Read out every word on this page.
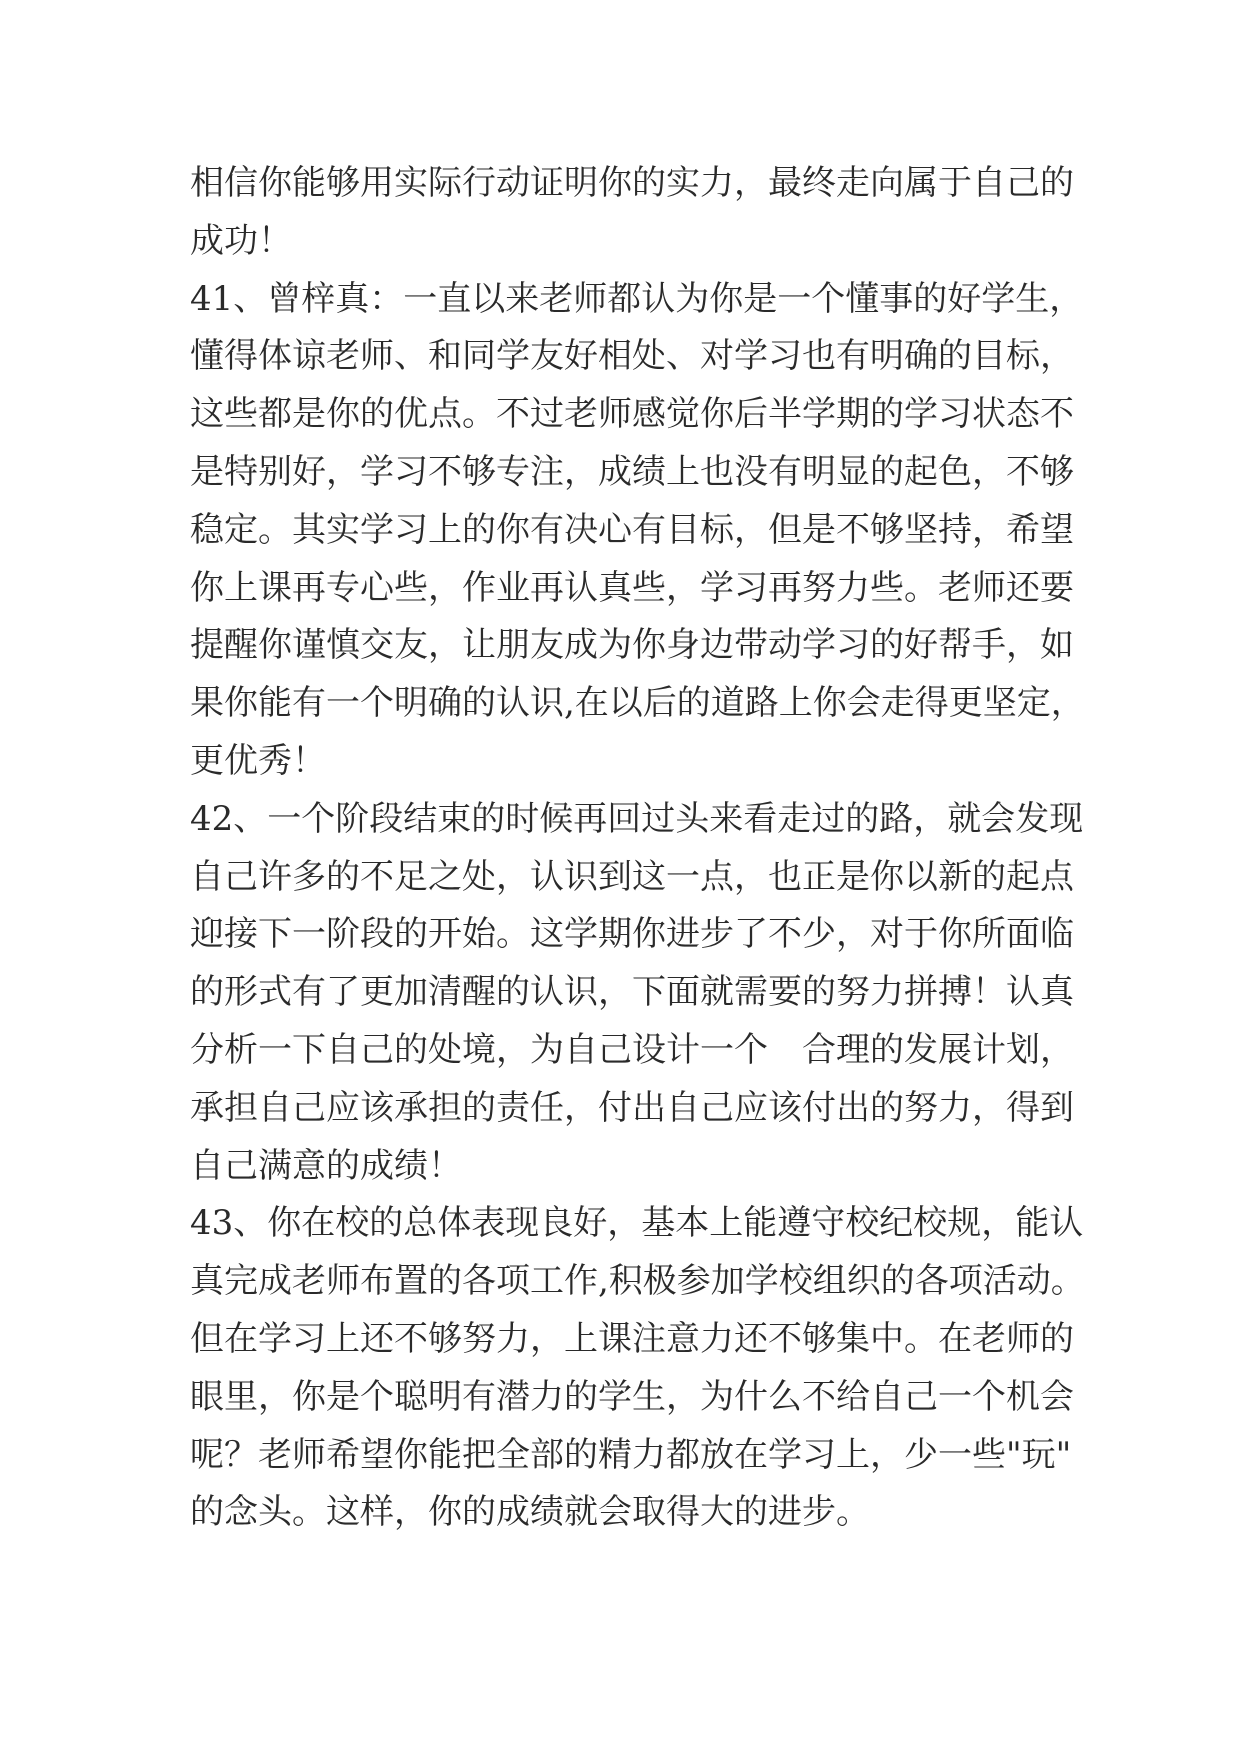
相信你能够用实际行动证明你的实力，最终走向属于自己的
成功！
41、曾梓真：一直以来老师都认为你是一个懂事的好学生，
懂得体谅老师、和同学友好相处、对学习也有明确的目标，
这些都是你的优点。不过老师感觉你后半学期的学习状态不
是特别好，学习不够专注，成绩上也没有明显的起色，不够
稳定。其实学习上的你有决心有目标，但是不够坚持，希望
你上课再专心些，作业再认真些，学习再努力些。老师还要
提醒你谨慎交友，让朋友成为你身边带动学习的好帮手，如
果你能有一个明确的认识,在以后的道路上你会走得更坚定，
更优秀！
42、一个阶段结束的时候再回过头来看走过的路，就会发现
自己许多的不足之处，认识到这一点，也正是你以新的起点
迎接下一阶段的开始。这学期你进步了不少，对于你所面临
的形式有了更加清醒的认识，下面就需要的努力拼搏！认真
分析一下自己的处境，为自己设计一个　合理的发展计划，
承担自己应该承担的责任，付出自己应该付出的努力，得到
自己满意的成绩！
43、你在校的总体表现良好，基本上能遵守校纪校规，能认
真完成老师布置的各项工作,积极参加学校组织的各项活动。
但在学习上还不够努力，上课注意力还不够集中。在老师的
眼里，你是个聪明有潜力的学生，为什么不给自己一个机会
呢？老师希望你能把全部的精力都放在学习上，少一些"玩"
的念头。这样，你的成绩就会取得大的进步。
